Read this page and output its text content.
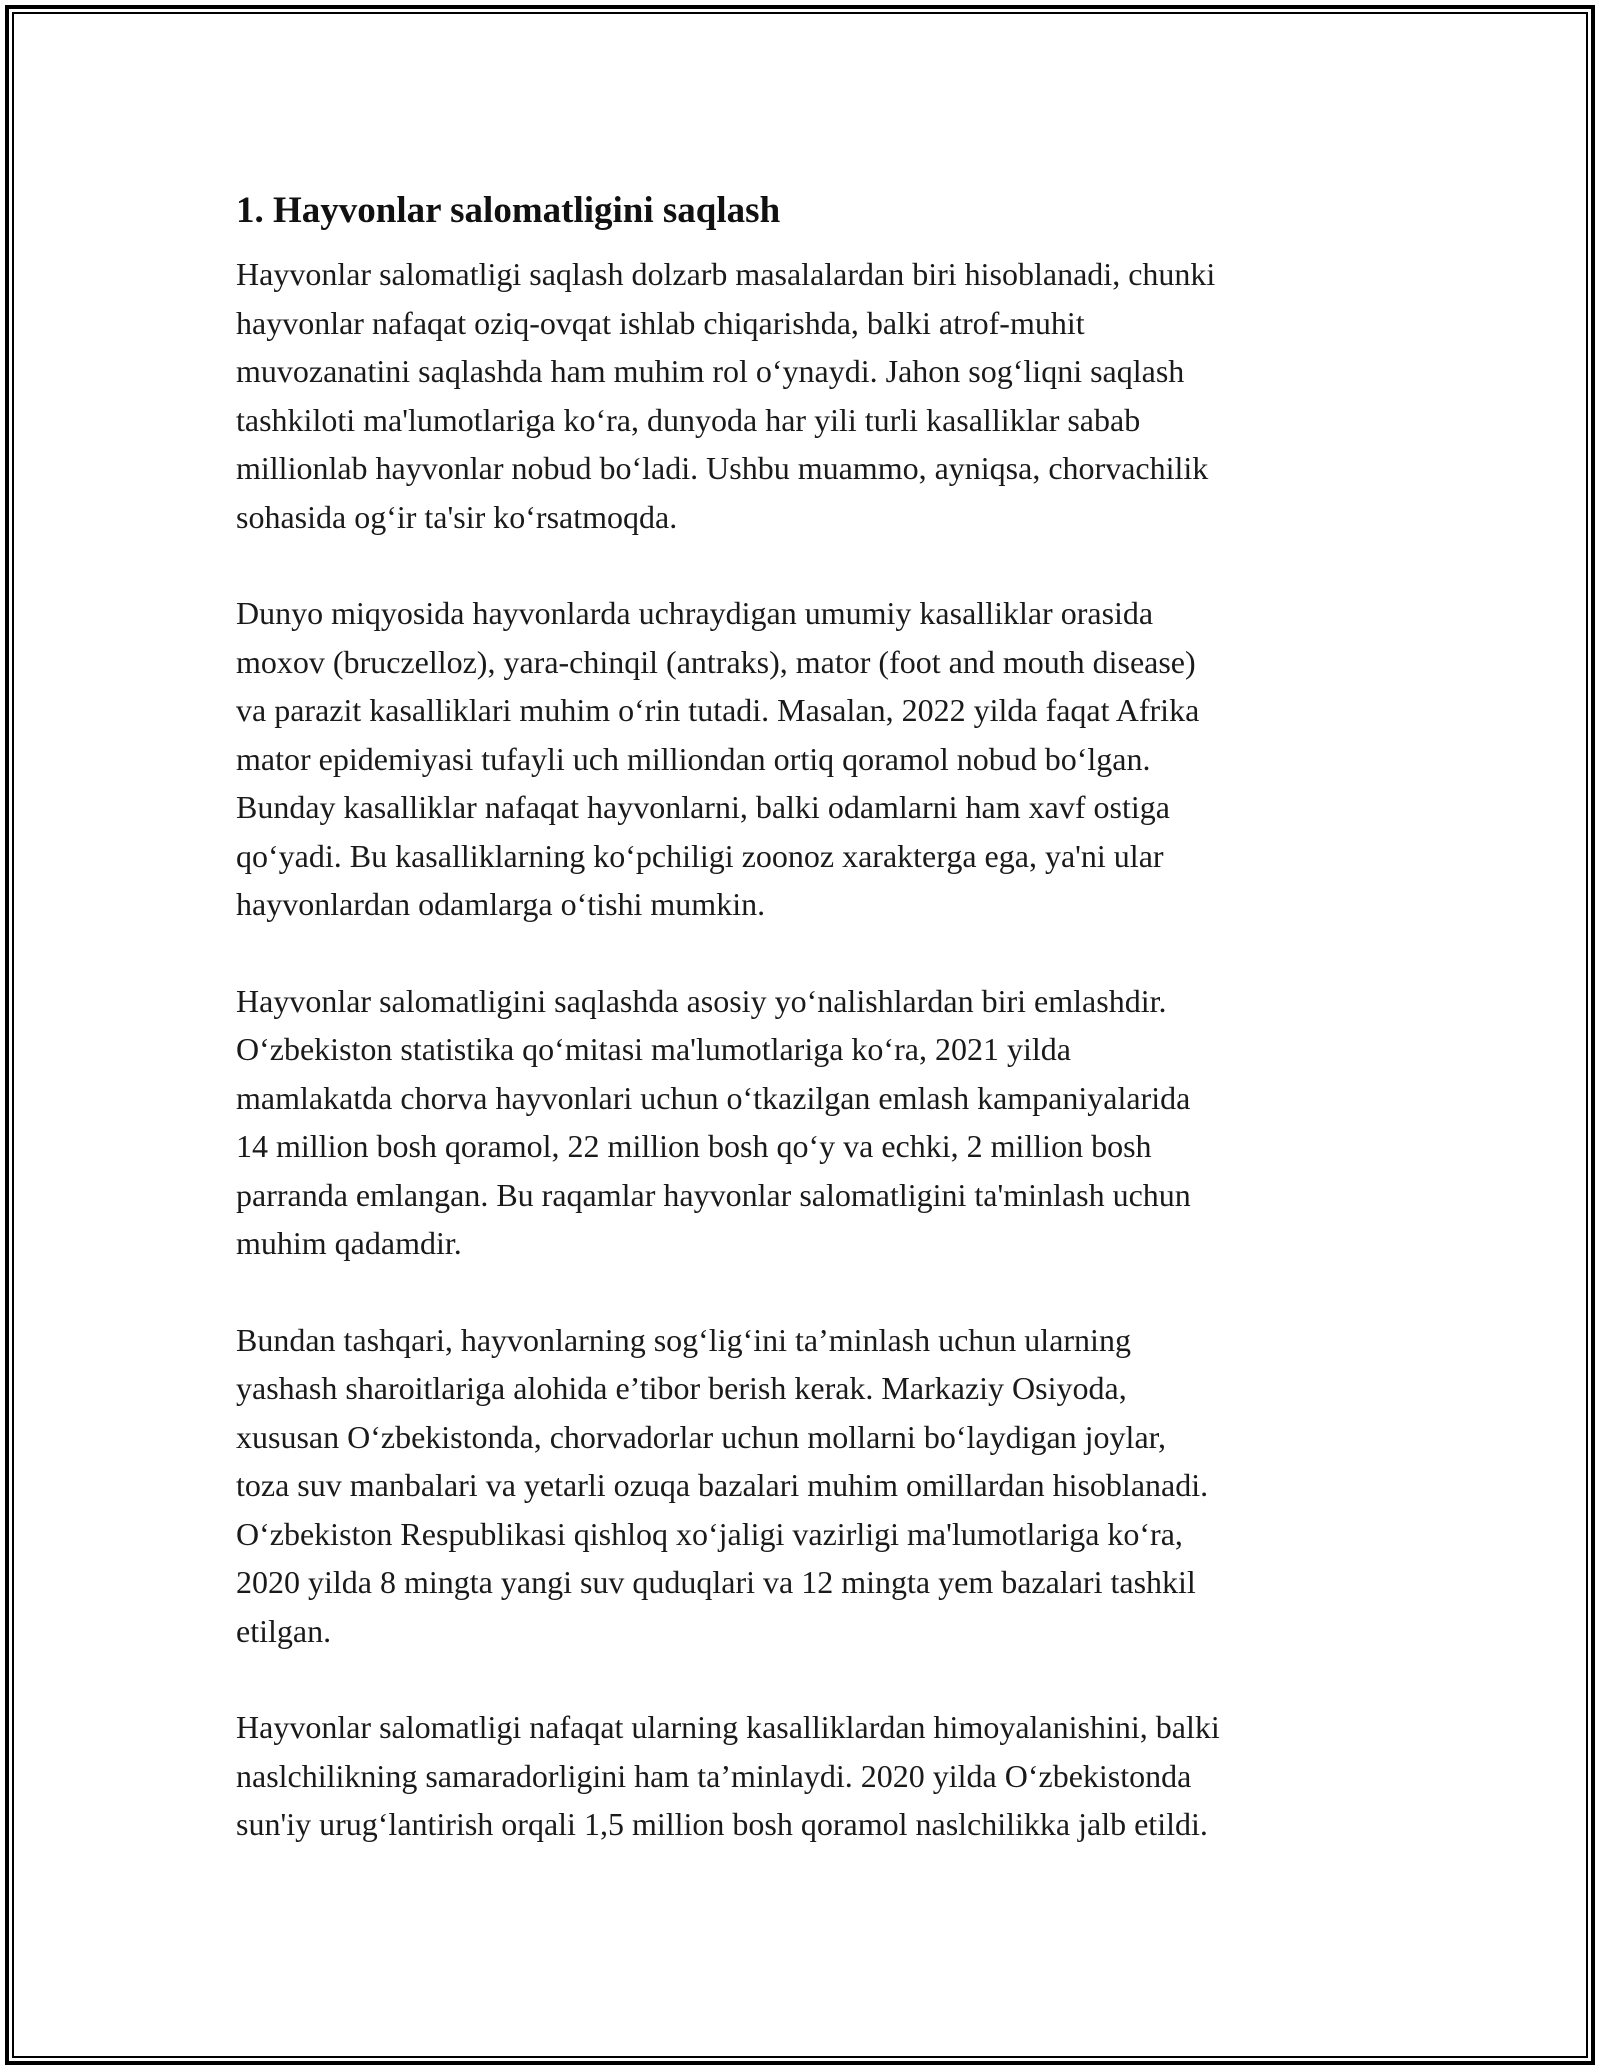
1. Hayvonlar salomatligini saqlash

Hayvonlar salomatligi saqlash dolzarb masalalardan biri hisoblanadi, chunki
hayvonlar nafaqat oziq-ovqat ishlab chiqarishda, balki atrof-muhit
muvozanatini saqlashda ham muhim rol o‘ynaydi. Jahon sog‘liqni saqlash
tashkiloti ma'lumotlariga ko‘ra, dunyoda har yili turli kasalliklar sabab
millionlab hayvonlar nobud bo‘ladi. Ushbu muammo, ayniqsa, chorvachilik
sohasida og‘ir ta'sir ko‘rsatmoqda.

Dunyo miqyosida hayvonlarda uchraydigan umumiy kasalliklar orasida
moxov (bruczelloz), yara-chinqil (antraks), mator (foot and mouth disease)
va parazit kasalliklari muhim o‘rin tutadi. Masalan, 2022 yilda faqat Afrika
mator epidemiyasi tufayli uch milliondan ortiq qoramol nobud bo‘lgan.
Bunday kasalliklar nafaqat hayvonlarni, balki odamlarni ham xavf ostiga
qo‘yadi. Bu kasalliklarning ko‘pchiligi zoonoz xarakterga ega, ya'ni ular
hayvonlardan odamlarga o‘tishi mumkin.

Hayvonlar salomatligini saqlashda asosiy yo‘nalishlardan biri emlashdir.
O‘zbekiston statistika qo‘mitasi ma'lumotlariga ko‘ra, 2021 yilda
mamlakatda chorva hayvonlari uchun o‘tkazilgan emlash kampaniyalarida
14 million bosh qoramol, 22 million bosh qo‘y va echki, 2 million bosh
parranda emlangan. Bu raqamlar hayvonlar salomatligini ta'minlash uchun
muhim qadamdir.

Bundan tashqari, hayvonlarning sog‘lig‘ini ta’minlash uchun ularning
yashash sharoitlariga alohida e’tibor berish kerak. Markaziy Osiyoda,
xususan O‘zbekistonda, chorvadorlar uchun mollarni bo‘laydigan joylar,
toza suv manbalari va yetarli ozuqa bazalari muhim omillardan hisoblanadi.
O‘zbekiston Respublikasi qishloq xo‘jaligi vazirligi ma'lumotlariga ko‘ra,
2020 yilda 8 mingta yangi suv quduqlari va 12 mingta yem bazalari tashkil
etilgan.

Hayvonlar salomatligi nafaqat ularning kasalliklardan himoyalanishini, balki
naslchilikning samaradorligini ham ta’minlaydi. 2020 yilda O‘zbekistonda
sun'iy urug‘lantirish orqali 1,5 million bosh qoramol naslchilikka jalb etildi.
